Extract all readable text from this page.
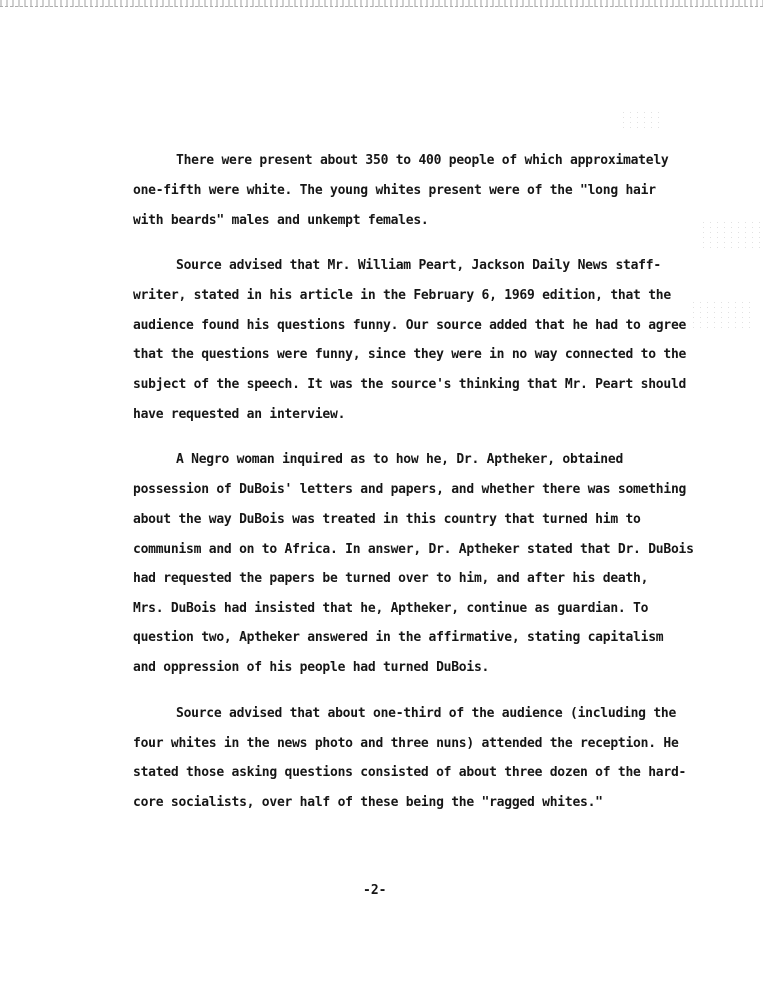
There were present about 350 to 400 people of which approximately
one-fifth were white. The young whites present were of the "long hair
with beards" males and unkempt females.
Source advised that Mr. William Peart, Jackson Daily News staff-
writer, stated in his article in the February 6, 1969 edition, that the
audience found his questions funny. Our source added that he had to agree
that the questions were funny, since they were in no way connected to the
subject of the speech. It was the source's thinking that Mr. Peart should
have requested an interview.
A Negro woman inquired as to how he, Dr. Aptheker, obtained
possession of DuBois' letters and papers, and whether there was something
about the way DuBois was treated in this country that turned him to
communism and on to Africa. In answer, Dr. Aptheker stated that Dr. DuBois
had requested the papers be turned over to him, and after his death,
Mrs. DuBois had insisted that he, Aptheker, continue as guardian. To
question two, Aptheker answered in the affirmative, stating capitalism
and oppression of his people had turned DuBois.
Source advised that about one-third of the audience (including the
four whites in the news photo and three nuns) attended the reception. He
stated those asking questions consisted of about three dozen of the hard-
core socialists, over half of these being the "ragged whites."
-2-
